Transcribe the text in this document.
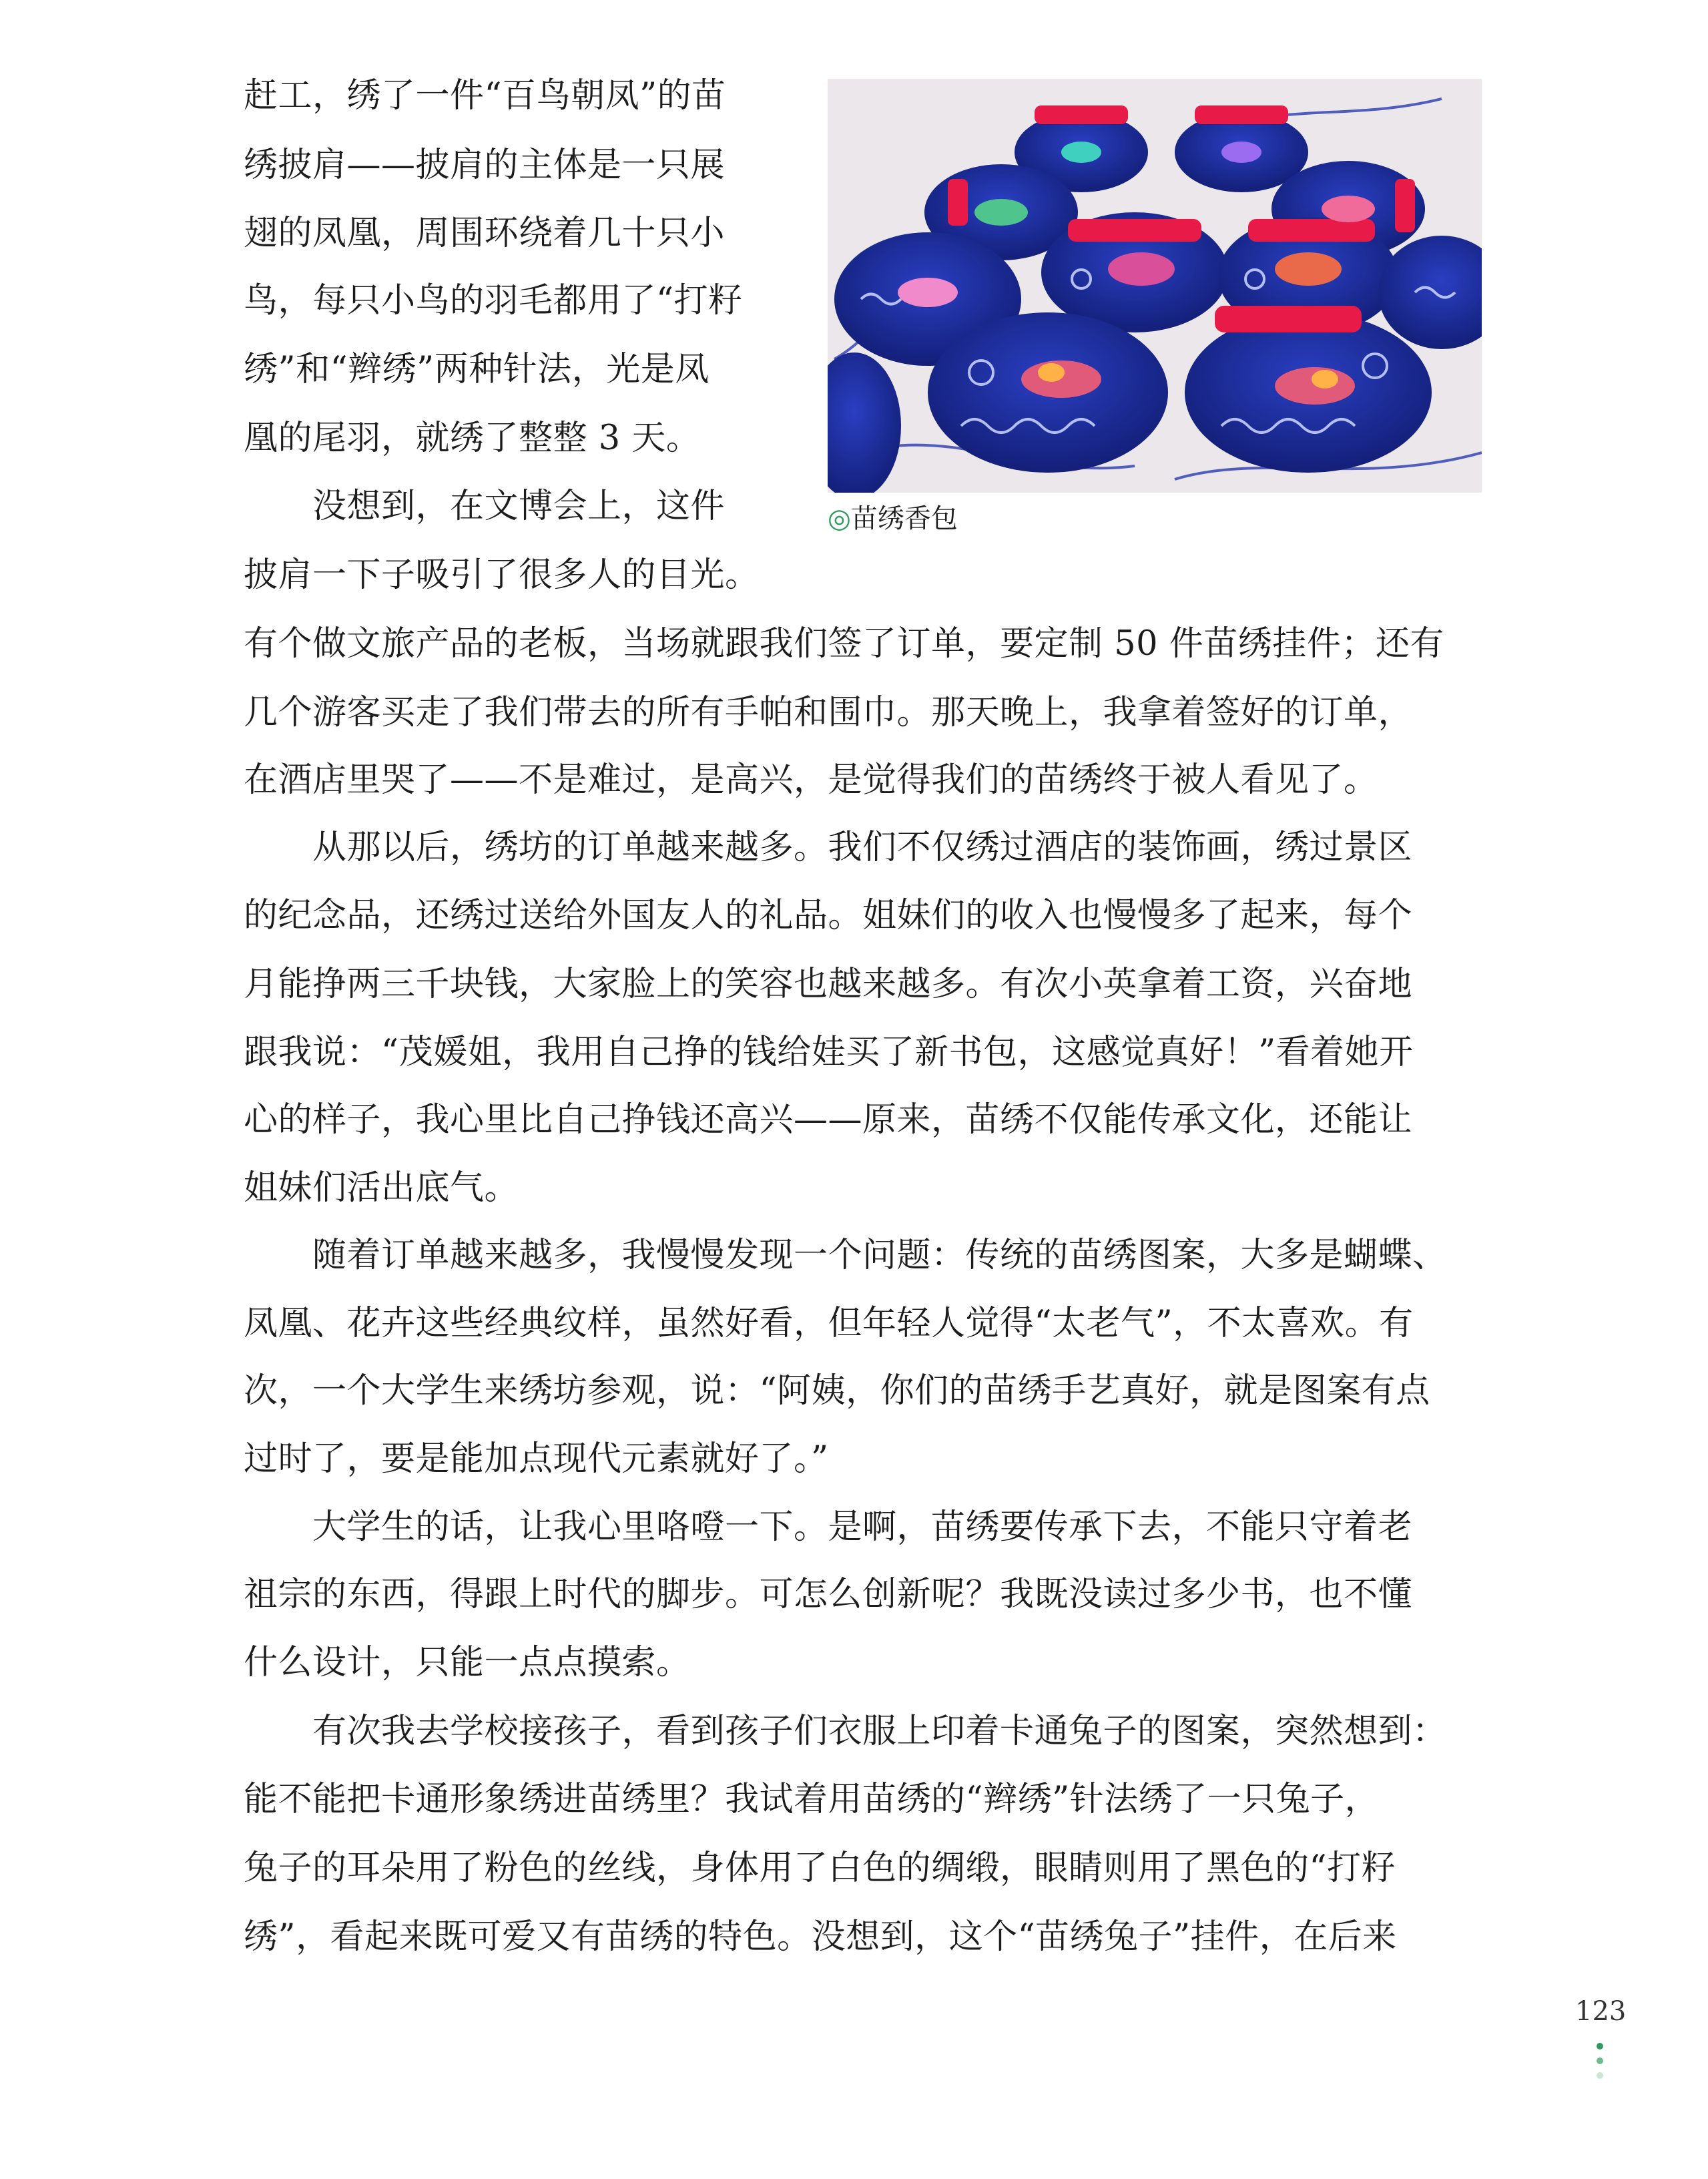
赶工，绣了一件“百鸟朝凤”的苗
绣披肩——披肩的主体是一只展
翅的凤凰，周围环绕着几十只小
鸟，每只小鸟的羽毛都用了“打籽
绣”和“辫绣”两种针法，光是凤
凰的尾羽，就绣了整整 3 天。
没想到，在文博会上，这件
披肩一下子吸引了很多人的目光。
有个做文旅产品的老板，当场就跟我们签了订单，要定制 50 件苗绣挂件；还有
几个游客买走了我们带去的所有手帕和围巾。那天晚上，我拿着签好的订单，
在酒店里哭了——不是难过，是高兴，是觉得我们的苗绣终于被人看见了。
从那以后，绣坊的订单越来越多。我们不仅绣过酒店的装饰画，绣过景区
的纪念品，还绣过送给外国友人的礼品。姐妹们的收入也慢慢多了起来，每个
月能挣两三千块钱，大家脸上的笑容也越来越多。有次小英拿着工资，兴奋地
跟我说：“茂媛姐，我用自己挣的钱给娃买了新书包，这感觉真好！”看着她开
心的样子，我心里比自己挣钱还高兴——原来，苗绣不仅能传承文化，还能让
姐妹们活出底气。
随着订单越来越多，我慢慢发现一个问题：传统的苗绣图案，大多是蝴蝶、
凤凰、花卉这些经典纹样，虽然好看，但年轻人觉得“太老气”，不太喜欢。有
次，一个大学生来绣坊参观，说：“阿姨，你们的苗绣手艺真好，就是图案有点
过时了，要是能加点现代元素就好了。”
大学生的话，让我心里咯噔一下。是啊，苗绣要传承下去，不能只守着老
祖宗的东西，得跟上时代的脚步。可怎么创新呢？我既没读过多少书，也不懂
什么设计，只能一点点摸索。
有次我去学校接孩子，看到孩子们衣服上印着卡通兔子的图案，突然想到：
能不能把卡通形象绣进苗绣里？我试着用苗绣的“辫绣”针法绣了一只兔子，
兔子的耳朵用了粉色的丝线，身体用了白色的绸缎，眼睛则用了黑色的“打籽
绣”，看起来既可爱又有苗绣的特色。没想到，这个“苗绣兔子”挂件，在后来
◎苗绣香包
123
